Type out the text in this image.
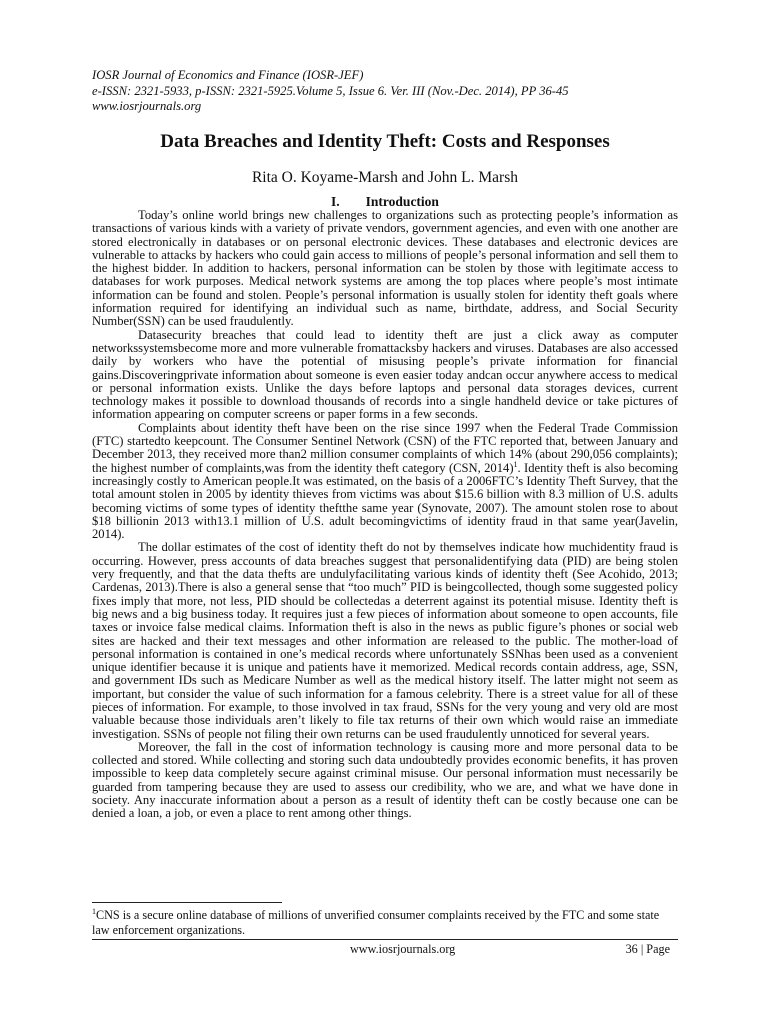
IOSR Journal of Economics and Finance (IOSR-JEF)
e-ISSN: 2321-5933, p-ISSN: 2321-5925.Volume 5, Issue 6. Ver. III (Nov.-Dec. 2014), PP 36-45
www.iosrjournals.org
Data Breaches and Identity Theft: Costs and Responses
Rita O. Koyame-Marsh and John L. Marsh
I. Introduction

Today’s online world brings new challenges to organizations such as protecting people’s information as transactions of various kinds with a variety of private vendors, government agencies, and even with one another are stored electronically in databases or on personal electronic devices. These databases and electronic devices are vulnerable to attacks by hackers who could gain access to millions of people’s personal information and sell them to the highest bidder. In addition to hackers, personal information can be stolen by those with legitimate access to databases for work purposes. Medical network systems are among the top places where people’s most intimate information can be found and stolen. People’s personal information is usually stolen for identity theft goals where information required for identifying an individual such as name, birthdate, address, and Social Security Number(SSN) can be used fraudulently.

Datasecurity breaches that could lead to identity theft are just a click away as computer networkssystemsbecome more and more vulnerable fromattacksby hackers and viruses. Databases are also accessed daily by workers who have the potential of misusing people’s private information for financial gains.Discoveringprivate information about someone is even easier today andcan occur anywhere access to medical or personal information exists. Unlike the days before laptops and personal data storages devices, current technology makes it possible to download thousands of records into a single handheld device or take pictures of information appearing on computer screens or paper forms in a few seconds.

Complaints about identity theft have been on the rise since 1997 when the Federal Trade Commission (FTC) startedto keepcount. The Consumer Sentinel Network (CSN) of the FTC reported that, between January and December 2013, they received more than2 million consumer complaints of which 14% (about 290,056 complaints); the highest number of complaints,was from the identity theft category (CSN, 2014)$^1$. Identity theft is also becoming increasingly costly to American people.It was estimated, on the basis of a 2006FTC’s Identity Theft Survey, that the total amount stolen in 2005 by identity thieves from victims was about $15.6 billion with 8.3 million of U.S. adults becoming victims of some types of identity theftthe same year (Synovate, 2007). The amount stolen rose to about $18 billionin 2013 with13.1 million of U.S. adult becomingvictims of identity fraud in that same year(Javelin, 2014).

The dollar estimates of the cost of identity theft do not by themselves indicate how muchidentity fraud is occurring. However, press accounts of data breaches suggest that personalidentifying data (PID) are being stolen very frequently, and that the data thefts are undulyfacilitating various kinds of identity theft (See Acohido, 2013; Cardenas, 2013).There is also a general sense that “too much” PID is beingcollected, though some suggested policy fixes imply that more, not less, PID should be collectedas a deterrent against its potential misuse. Identity theft is big news and a big business today. It requires just a few pieces of information about someone to open accounts, file taxes or invoice false medical claims. Information theft is also in the news as public figure’s phones or social web sites are hacked and their text messages and other information are released to the public. The mother-load of personal information is contained in one’s medical records where unfortunately SSNhas been used as a convenient unique identifier because it is unique and patients have it memorized. Medical records contain address, age, SSN, and government IDs such as Medicare Number as well as the medical history itself. The latter might not seem as important, but consider the value of such information for a famous celebrity. There is a street value for all of these pieces of information. For example, to those involved in tax fraud, SSNs for the very young and very old are most valuable because those individuals aren’t likely to file tax returns of their own which would raise an immediate investigation. SSNs of people not filing their own returns can be used fraudulently unnoticed for several years.

Moreover, the fall in the cost of information technology is causing more and more personal data to be collected and stored. While collecting and storing such data undoubtedly provides economic benefits, it has proven impossible to keep data completely secure against criminal misuse. Our personal information must necessarily be guarded from tampering because they are used to assess our credibility, who we are, and what we have done in society. Any inaccurate information about a person as a result of identity theft can be costly because one can be denied a loan, a job, or even a place to rent among other things.

$^1$CNS is a secure online database of millions of unverified consumer complaints received by the FTC and some state law enforcement organizations.
www.iosrjournals.org	36 | Page
